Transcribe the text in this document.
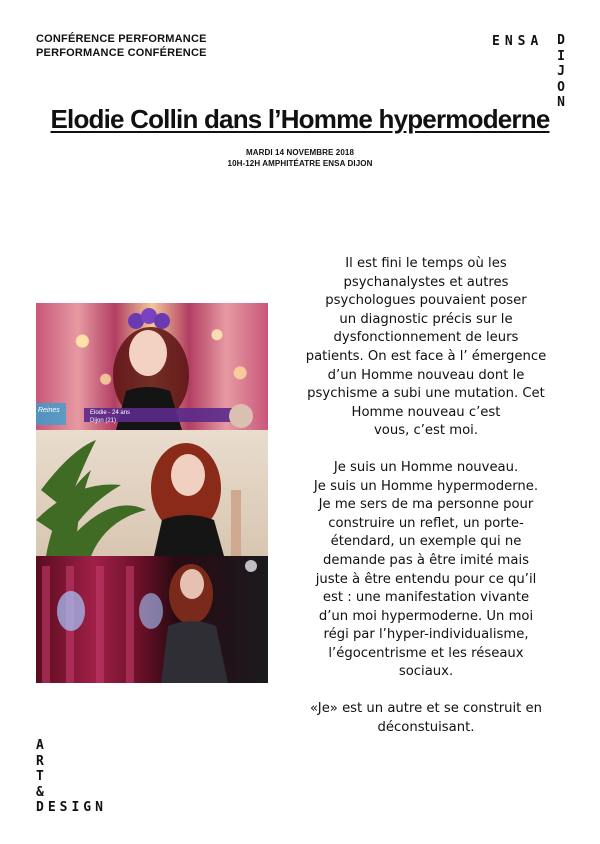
CONFÉRENCE PERFORMANCE
PERFORMANCE CONFÉRENCE
ENSA D
I
J
O
N
Elodie Collin dans l’Homme hypermoderne
MARDI 14 NOVEMBRE 2018
10H-12H AMPHITÉATRE ENSA DIJON
Reines	Elodie - 24 ans
Dijon (21)

Il est fini le temps où les
psychanalystes et autres
psychologues pouvaient poser
un diagnostic précis sur le
dysfonctionnement de leurs
patients. On est face à l’ émergence
d’un Homme nouveau dont le
psychisme a subi une mutation. Cet
Homme nouveau c’est
vous, c’est moi.

Je suis un Homme nouveau.
Je suis un Homme hypermoderne.
Je me sers de ma personne pour
construire un reflet, un porte-
étendard, un exemple qui ne
demande pas à être imité mais
juste à être entendu pour ce qu’il
est : une manifestation vivante
d’un moi hypermoderne. Un moi
régi par l’hyper-individualisme,
l’égocentrisme et les réseaux
sociaux.

«Je» est un autre et se construit en
déconstuisant.

A
R
T
&
DESIGN
